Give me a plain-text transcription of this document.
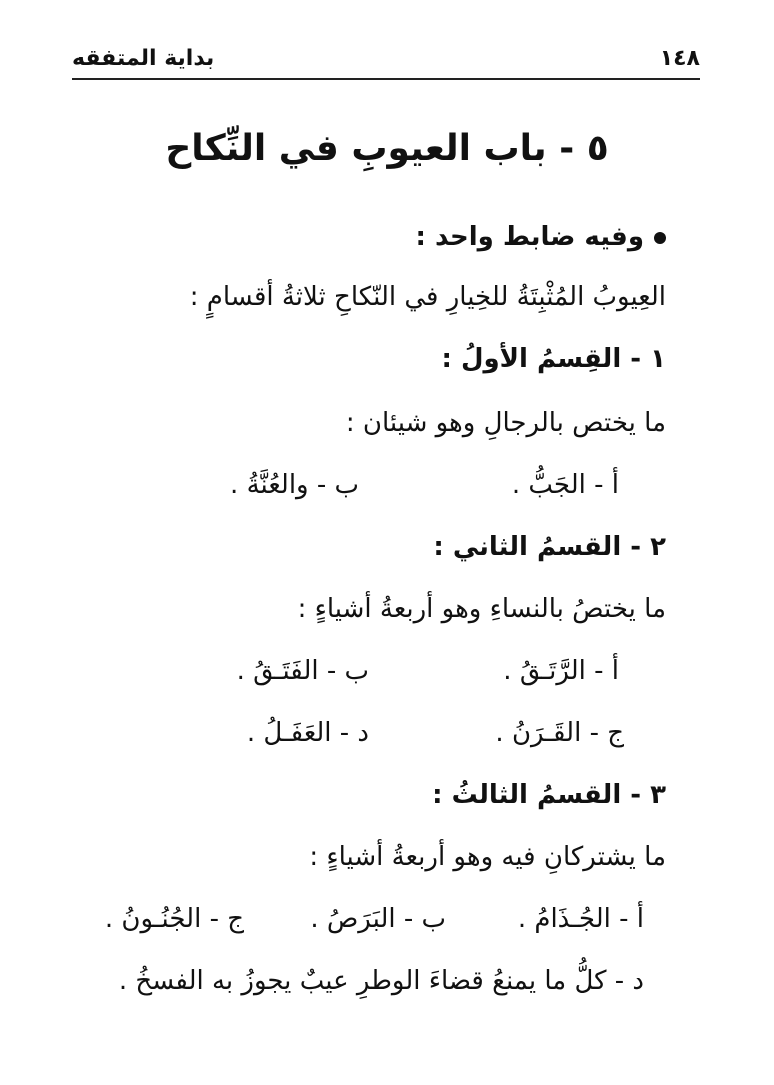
١٤٨
بداية المتفقه
٥ - باب العيوبِ في النِّكاح
وفيه ضابط واحد :
العِيوبُ المُثْبِتَةُ للخِيارِ في النّكاحِ ثلاثةُ أقسامٍ :
١ - القِسمُ الأولُ :
ما يختص بالرجالِ وهو شيئان :
أ - الجَبُّ .
ب - والعُنَّةُ .
٢ - القسمُ الثاني :
ما يختصُ بالنساءِ وهو أربعةُ أشياءٍ :
أ - الرَّتَـقُ .
ب - الفَتَـقُ .
ج - القَـرَنُ .
د - العَفَـلُ .
٣ - القسمُ الثالثُ :
ما يشتركانِ فيه وهو أربعةُ أشياءٍ :
أ - الجُـذَامُ .
ب - البَرَصُ .
ج - الجُنُـونُ .
د - كلُّ ما يمنعُ قضاءَ الوطرِ عيبٌ يجوزُ به الفسخُ .
